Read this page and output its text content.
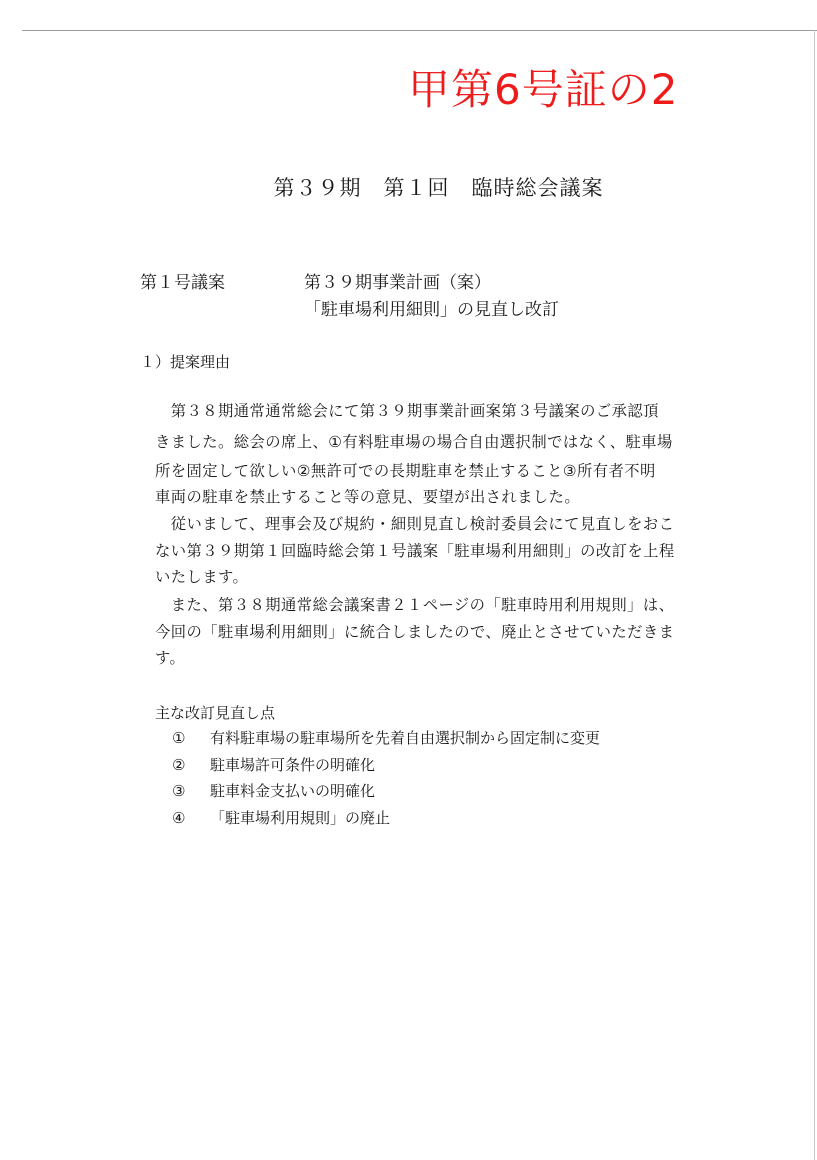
甲第6号証の2
第３９期　第１回　臨時総会議案
第１号議案	第３９期事業計画（案）
「駐車場利用細則」の見直し改訂
１）提案理由
　第３８期通常通常総会にて第３９期事業計画案第３号議案のご承認頂
きました。総会の席上、①有料駐車場の場合自由選択制ではなく、駐車場
所を固定して欲しい②無許可での長期駐車を禁止すること③所有者不明
車両の駐車を禁止すること等の意見、要望が出されました。
　従いまして、理事会及び規約・細則見直し検討委員会にて見直しをおこ
ない第３９期第１回臨時総会第１号議案「駐車場利用細則」の改訂を上程
いたします。
　また、第３８期通常総会議案書２１ページの「駐車時用利用規則」は、
今回の「駐車場利用細則」に統合しましたので、廃止とさせていただきま
す。
主な改訂見直し点
①	有料駐車場の駐車場所を先着自由選択制から固定制に変更
②	駐車場許可条件の明確化
③	駐車料金支払いの明確化
④	「駐車場利用規則」の廃止
